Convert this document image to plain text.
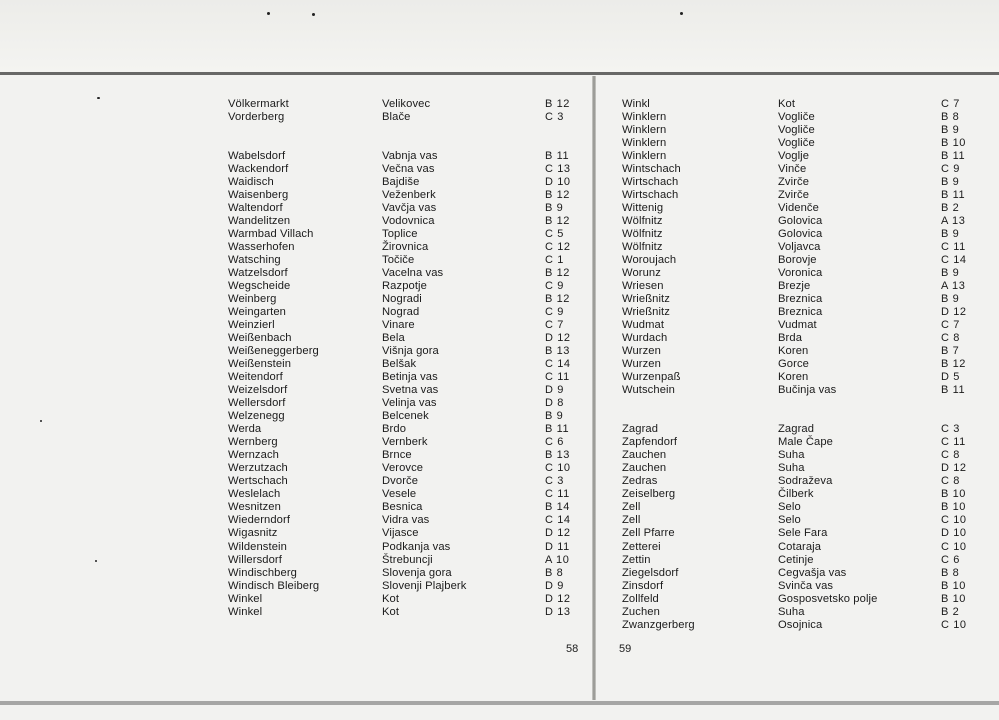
Völkermarkt
Vorderberg
Wabelsdorf
Wackendorf
Waidisch
Waisenberg
Waltendorf
Wandelitzen
Warmbad Villach
Wasserhofen
Watsching
Watzelsdorf
Wegscheide
Weinberg
Weingarten
Weinzierl
Weißenbach
Weißeneggerberg
Weißenstein
Weitendorf
Weizelsdorf
Wellersdorf
Welzenegg
Werda
Wernberg
Wernzach
Werzutzach
Wertschach
Weslelach
Wesnitzen
Wiederndorf
Wigasnitz
Wildenstein
Willersdorf
Windischberg
Windisch Bleiberg
Winkel
Winkel
Velikovec
Blače
Vabnja vas
Večna vas
Bajdiše
Veženberk
Vavčja vas
Vodovnica
Toplice
Žirovnica
Točiče
Vacelna vas
Razpotje
Nogradi
Nograd
Vinare
Bela
Višnja gora
Belšak
Betinja vas
Svetna vas
Velinja vas
Belcenek
Brdo
Vernberk
Brnce
Verovce
Dvorče
Vesele
Besnica
Vidra vas
Vijasce
Podkanja vas
Štrebuncji
Slovenja gora
Slovenji Plajberk
Kot
Kot
B 12
C 3
B 11
C 13
D 10
B 12
B 9
B 12
C 5
C 12
C 1
B 12
C 9
B 12
C 9
C 7
D 12
B 13
C 14
C 11
D 9
D 8
B 9
B 11
C 6
B 13
C 10
C 3
C 11
B 14
C 14
D 12
D 11
A 10
B 8
D 9
D 12
D 13
58
Winkl
Winklern
Winklern
Winklern
Winklern
Wintschach
Wirtschach
Wirtschach
Wittenig
Wölfnitz
Wölfnitz
Wölfnitz
Woroujach
Worunz
Wriesen
Wrießnitz
Wrießnitz
Wudmat
Wurdach
Wurzen
Wurzen
Wurzenpaß
Wutschein
Zagrad
Zapfendorf
Zauchen
Zauchen
Zedras
Zeiselberg
Zell
Zell
Zell Pfarre
Zetterei
Zettin
Ziegelsdorf
Zinsdorf
Zollfeld
Zuchen
Zwanzgerberg
Kot
Vogliče
Vogliče
Vogliče
Voglje
Vinče
Zvirče
Zvirče
Videnče
Golovica
Golovica
Voljavca
Borovje
Voronica
Brezje
Breznica
Breznica
Vudmat
Brda
Koren
Gorce
Koren
Bučinja vas
Zagrad
Male Čape
Suha
Suha
Sodraževa
Čilberk
Selo
Selo
Sele Fara
Cotaraja
Cetinje
Cegvašja vas
Svinča vas
Gosposvetsko polje
Suha
Osojnica
C 7
B 8
B 9
B 10
B 11
C 9
B 9
B 11
B 2
A 13
B 9
C 11
C 14
B 9
A 13
B 9
D 12
C 7
C 8
B 7
B 12
D 5
B 11
C 3
C 11
C 8
D 12
C 8
B 10
B 10
C 10
D 10
C 10
C 6
B 8
B 10
B 10
B 2
C 10
59
